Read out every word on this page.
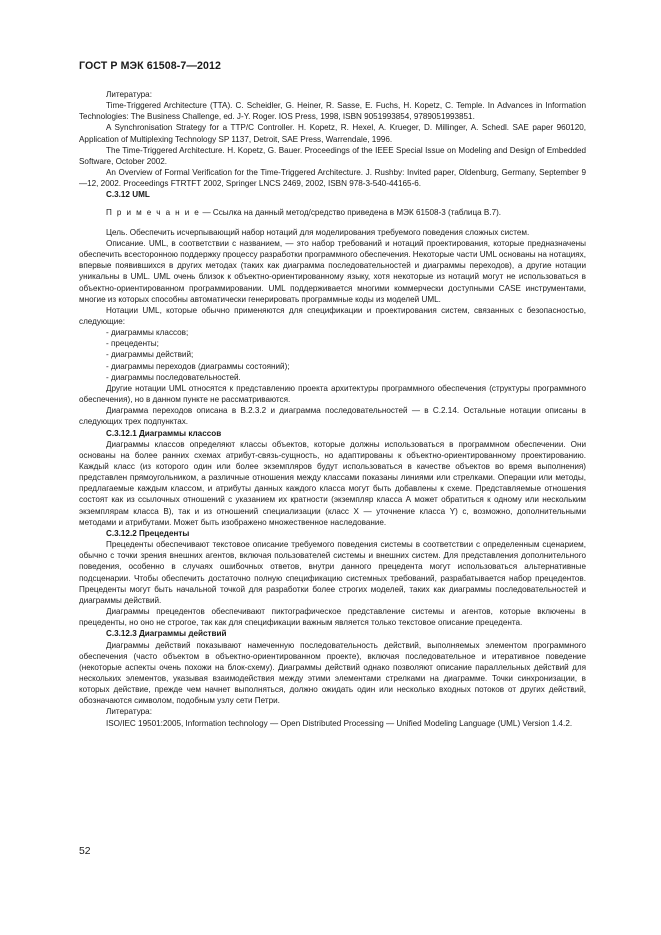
ГОСТ Р МЭК 61508-7—2012

Литература:

Time-Triggered Architecture (TTA). C. Scheidler, G. Heiner, R. Sasse, E. Fuchs, H. Kopetz, C. Temple. In Advances in Information Technologies: The Business Challenge, ed. J-Y. Roger. IOS Press, 1998, ISBN 9051993854, 9789051993851.

A Synchronisation Strategy for a TTP/C Controller. H. Kopetz, R. Hexel, A. Krueger, D. Millinger, A. Schedl. SAE paper 960120, Application of Multiplexing Technology SP 1137, Detroit, SAE Press, Warrendale, 1996.

The Time-Triggered Architecture. H. Kopetz, G. Bauer. Proceedings of the IEEE Special Issue on Modeling and Design of Embedded Software, October 2002.

An Overview of Formal Verification for the Time-Triggered Architecture. J. Rushby: Invited paper, Oldenburg, Germany, September 9—12, 2002. Proceedings FTRTFT 2002, Springer LNCS 2469, 2002, ISBN 978-3-540-44165-6.

С.3.12 UML

П р и м е ч а н и е — Ссылка на данный метод/средство приведена в МЭК 61508-3 (таблица В.7).

Цель. Обеспечить исчерпывающий набор нотаций для моделирования требуемого поведения сложных систем.

Описание. UML, в соответствии с названием, — это набор требований и нотаций проектирования, которые предназначены обеспечить всесторонною поддержку процессу разработки программного обеспечения. Некоторые части UML основаны на нотациях, впервые появившихся в других методах (таких как диаграмма последовательностей и диаграммы переходов), а другие нотации уникальны в UML. UML очень близок к объектно-ориентированному языку, хотя некоторые из нотаций могут не использоваться в объектно-ориентированном программировании. UML поддерживается многими коммерчески доступными CASE инструментами, многие из которых способны автоматически генерировать программные коды из моделей UML.

Нотации UML, которые обычно применяются для спецификации и проектирования систем, связанных с безопасностью, следующие:

- диаграммы классов;
- прецеденты;
- диаграммы действий;
- диаграммы переходов (диаграммы состояний);
- диаграммы последовательностей.

Другие нотации UML относятся к представлению проекта архитектуры программного обеспечения (структуры программного обеспечения), но в данном пункте не рассматриваются.

Диаграмма переходов описана в В.2.3.2 и диаграмма последовательностей — в С.2.14. Остальные нотации описаны в следующих трех подпунктах.

С.3.12.1 Диаграммы классов

Диаграммы классов определяют классы объектов, которые должны использоваться в программном обеспечении. Они основаны на более ранних схемах атрибут-связь-сущность, но адаптированы к объектно-ориентированному проектированию. Каждый класс (из которого один или более экземпляров будут использоваться в качестве объектов во время выполнения) представлен прямоугольником, а различные отношения между классами показаны линиями или стрелками. Операции или методы, предлагаемые каждым классом, и атрибуты данных каждого класса могут быть добавлены к схеме. Представляемые отношения состоят как из ссылочных отношений с указанием их кратности (экземпляр класса А может обратиться к одному или нескольким экземплярам класса В), так и из отношений специализации (класс X — уточнение класса Y) с, возможно, дополнительными методами и атрибутами. Может быть изображено множественное наследование.

С.3.12.2 Прецеденты

Прецеденты обеспечивают текстовое описание требуемого поведения системы в соответствии с определенным сценарием, обычно с точки зрения внешних агентов, включая пользователей системы и внешних систем. Для представления дополнительного поведения, особенно в случаях ошибочных ответов, внутри данного прецедента могут использоваться альтернативные подсценарии. Чтобы обеспечить достаточно полную спецификацию системных требований, разрабатывается набор прецедентов. Прецеденты могут быть начальной точкой для разработки более строгих моделей, таких как диаграммы последовательностей и диаграммы действий.

Диаграммы прецедентов обеспечивают пиктографическое представление системы и агентов, которые включены в прецеденты, но оно не строгое, так как для спецификации важным является только текстовое описание прецедента.

С.3.12.3 Диаграммы действий

Диаграммы действий показывают намеченную последовательность действий, выполняемых элементом программного обеспечения (часто объектом в объектно-ориентированном проекте), включая последовательное и итеративное поведение (некоторые аспекты очень похожи на блок-схему). Диаграммы действий однако позволяют описание параллельных действий для нескольких элементов, указывая взаимодействия между этими элементами стрелками на диаграмме. Точки синхронизации, в которых действие, прежде чем начнет выполняться, должно ожидать один или несколько входных потоков от других действий, обозначаются символом, подобным узлу сети Петри.

Литература:

ISO/IEC 19501:2005, Information technology — Open Distributed Processing — Unified Modeling Language (UML) Version 1.4.2.

52
